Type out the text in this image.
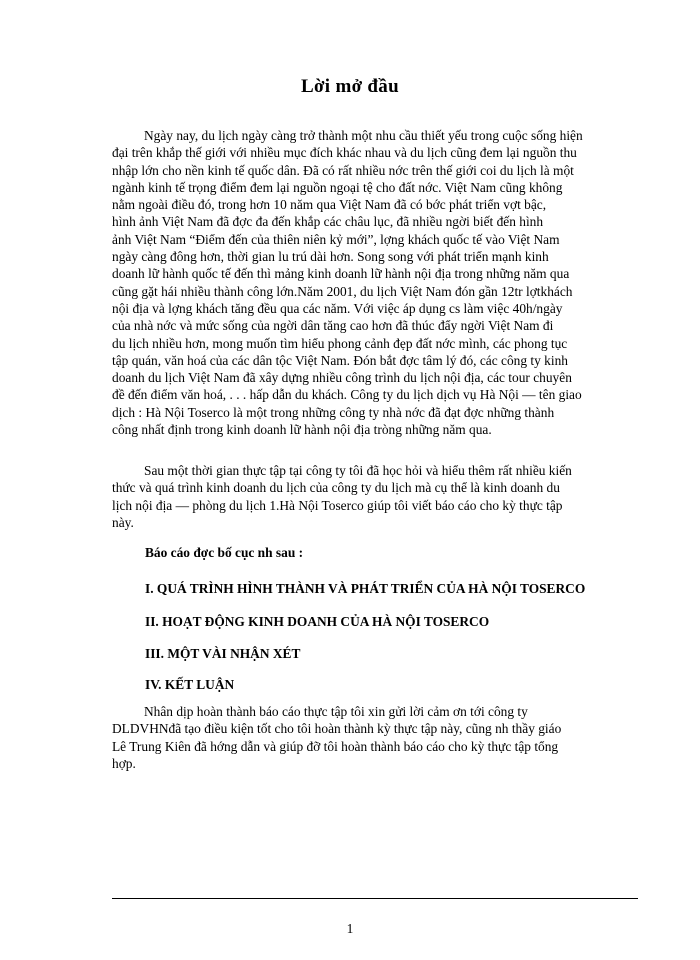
Lời mở đầu

Ngày nay, du lịch ngày càng trở thành một nhu cầu thiết yếu trong cuộc sống hiện
đại trên khắp thế giới với nhiều mục đích khác nhau và du lịch cũng đem lại nguồn thu
nhập lớn cho nền kinh tế quốc dân. Đã có rất nhiều nớc trên thế giới coi du lịch là một
ngành kinh tế trọng điểm đem lại nguồn ngoại tệ cho đất nớc. Việt Nam cũng không
nằm ngoài điều đó, trong hơn 10 năm qua Việt Nam đã có bớc phát triển vợt bậc,
hình ảnh Việt Nam đã đợc đa đến khắp các châu lục, đã nhiều ngời biết đến hình
ảnh Việt Nam “Điểm đến của thiên niên kỷ mới”, lợng khách quốc tế vào Việt Nam
ngày càng đông hơn, thời gian lu trú dài hơn. Song song với phát triển mạnh kinh
doanh lữ hành quốc tế đến thì mảng kinh doanh lữ hành nội địa trong những năm qua
cũng gặt hái nhiều thành công lớn.Năm 2001, du lịch Việt Nam đón gần 12tr lợtkhách
nội địa và lợng khách tăng đều qua các năm. Với việc áp dụng cs làm việc 40h/ngày
của nhà nớc và mức sống của ngời dân tăng cao hơn đã thúc đẩy ngời Việt Nam đi
du lịch nhiều hơn, mong muốn tìm hiểu phong cảnh đẹp đất nớc mình, các phong tục
tập quán, văn hoá của các dân tộc Việt Nam. Đón bắt đợc tâm lý đó, các công ty kinh
doanh du lịch Việt Nam đã xây dựng nhiều công trình du lịch nội địa, các tour chuyên
đề đến điểm văn hoá, . . . hấp dẫn du khách. Công ty du lịch dịch vụ Hà Nội — tên giao
dịch : Hà Nội Toserco là một trong những công ty nhà nớc đã đạt đợc những thành
công nhất định trong kinh doanh lữ hành nội địa tròng những năm qua.

Sau một thời gian thực tập tại công ty tôi đã học hỏi và hiểu thêm rất nhiều kiến
thức và quá trình kinh doanh du lịch của công ty du lịch mà cụ thể là kinh doanh du
lịch nội địa — phòng du lịch 1.Hà Nội Toserco giúp tôi viết báo cáo cho kỳ thực tập
này.

Báo cáo đợc bố cục nh sau :

I. QUÁ TRÌNH HÌNH THÀNH VÀ PHÁT TRIỂN CỦA HÀ NỘI TOSERCO

II. HOẠT ĐỘNG KINH DOANH CỦA HÀ NỘI TOSERCO

III. MỘT VÀI NHẬN XÉT

IV. KẾT LUẬN

Nhân dịp hoàn thành báo cáo thực tập tôi xin gửi lời cảm ơn tới công ty
DLDVHNđã tạo điều kiện tốt cho tôi hoàn thành kỳ thực tập này, cũng nh thầy giáo
Lê Trung Kiên đã hớng dẫn và giúp đỡ tôi hoàn thành báo cáo cho kỳ thực tập tổng
hợp.

1
